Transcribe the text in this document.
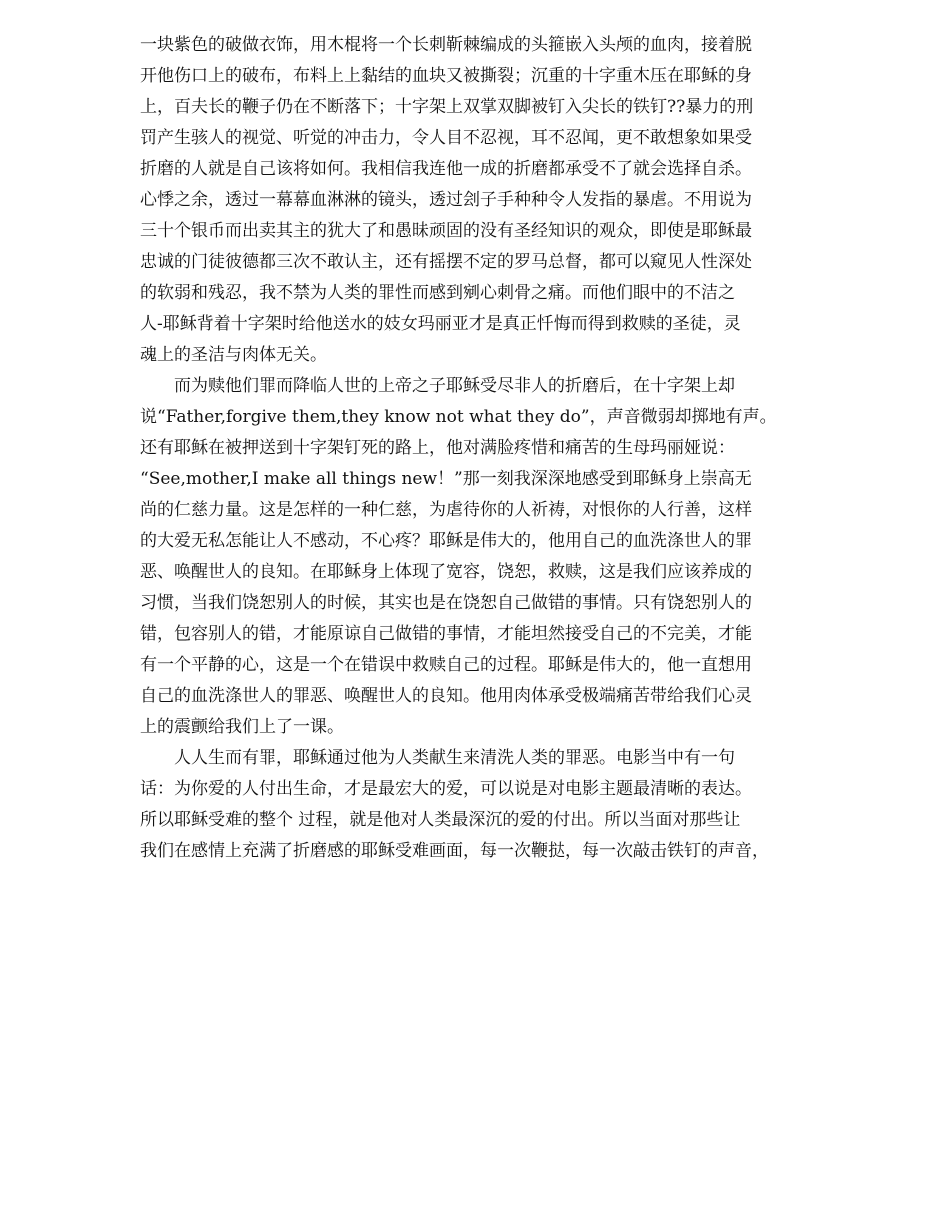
一块紫色的破做衣饰，用木棍将一个长刺靳棘编成的头箍嵌入头颅的血肉，接着脱
开他伤口上的破布，布料上上黏结的血块又被撕裂；沉重的十字重木压在耶稣的身
上，百夫长的鞭子仍在不断落下；十字架上双掌双脚被钉入尖长的铁钉??暴力的刑
罚产生骇人的视觉、听觉的冲击力，令人目不忍视，耳不忍闻，更不敢想象如果受
折磨的人就是自己该将如何。我相信我连他一成的折磨都承受不了就会选择自杀。
心悸之余，透过一幕幕血淋淋的镜头，透过刽子手种种令人发指的暴虐。不用说为
三十个银币而出卖其主的犹大了和愚昧顽固的没有圣经知识的观众，即使是耶稣最
忠诚的门徒彼德都三次不敢认主，还有摇摆不定的罗马总督，都可以窥见人性深处
的软弱和残忍，我不禁为人类的罪性而感到剜心刺骨之痛。而他们眼中的不洁之
人-耶稣背着十字架时给他送水的妓女玛丽亚才是真正忏悔而得到救赎的圣徒，灵
魂上的圣洁与肉体无关。
而为赎他们罪而降临人世的上帝之子耶稣受尽非人的折磨后，在十字架上却
说“Father,forgive them,they know not what they do”，声音微弱却掷地有声。
还有耶稣在被押送到十字架钉死的路上，他对满脸疼惜和痛苦的生母玛丽娅说：
“See,mother,I make all things new！”那一刻我深深地感受到耶稣身上崇高无
尚的仁慈力量。这是怎样的一种仁慈，为虐待你的人祈祷，对恨你的人行善，这样
的大爱无私怎能让人不感动，不心疼？耶稣是伟大的，他用自己的血洗涤世人的罪
恶、唤醒世人的良知。在耶稣身上体现了宽容，饶恕，救赎，这是我们应该养成的
习惯，当我们饶恕别人的时候，其实也是在饶恕自己做错的事情。只有饶恕别人的
错，包容别人的错，才能原谅自己做错的事情，才能坦然接受自己的不完美，才能
有一个平静的心，这是一个在错误中救赎自己的过程。耶稣是伟大的，他一直想用
自己的血洗涤世人的罪恶、唤醒世人的良知。他用肉体承受极端痛苦带给我们心灵
上的震颤给我们上了一课。
人人生而有罪，耶稣通过他为人类献生来清洗人类的罪恶。电影当中有一句
话：为你爱的人付出生命，才是最宏大的爱，可以说是对电影主题最清晰的表达。
所以耶稣受难的整个 过程，就是他对人类最深沉的爱的付出。所以当面对那些让
我们在感情上充满了折磨感的耶稣受难画面，每一次鞭挞，每一次敲击铁钉的声音，
